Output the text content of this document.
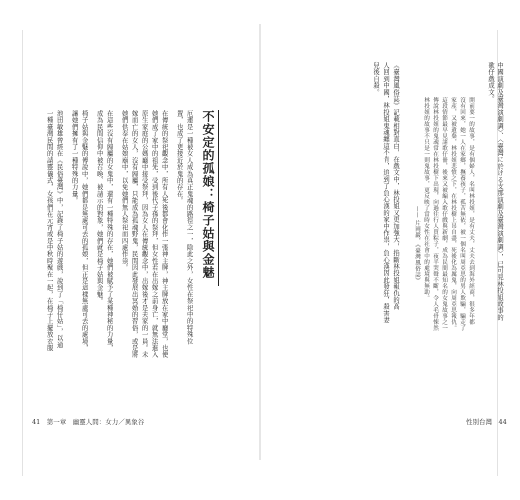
中國演劇及臺灣演劇調〉、〈臺灣に於ける支那演劇及臺灣演劇調〉，已可見林投姐故事的
歌仔戲成文。
開前要一的故事，是有個婦人，名叫林投姐，是有丈夫，丈夫去到海外經商，很多年都
沒有回來，她一人在家鄉，撫養孩子，孤苦無依，被一個名叫周亞思的男人欺騙，騙走了
家產，又被遺棄，林投姐悲憤之下，在林投樹上吊自盡，死後化為厲鬼，向周亞思報仇。
這段情節最早見諸歌仔冊，後來又被編入歌仔戲與新劇，成為民間最知名的女鬼故事之一
傳說林投姐的鬼魂常在林投樹下出現，向過往行人買粽子，夜半哭聲不斷，令人毛骨悚然
林投姐的故事不只是一則鬼故事，更反映了當時女性在社會中的處境與無助。
—— 片岡巖，《臺灣風俗誌》
《臺灣風俗誌》記載相對直白，在戲文中，林投姐又更加強大，掐斷林投姐報仇的高
人回到中國，林投姐鬼魂纏這不肯，追到了負心漢的家中作祟，負心漢因此發狂，殺害妻
兒後自殺。
性別台灣　44
不安定的孤娘：椅子姑與金魅
厄運是一種被女人成為真正鬼魂的路徑之一，除此之外，女性在祭祀中的特殊位
置，也成了更接近於鬼的存在。
在傳統的祭祀觀念中，所有人死後都會化作一張神主牌，神主牌放在家中廳堂，也使
她們成了家中的祖先，受到後代子孫的祭拜，但女性若在出嫁之前身亡，就無法進入
原生家庭的公媽廳中接受祭拜，因為女人在傳統觀念中，出嫁後才是夫家的一員。未
嫁而亡的女人，沒有歸屬，只能成為孤魂野鬼，民間因此發展出冥婚的習俗，或是將
她們供奉在姑娘廟中，以免她們無人祭祀而四處作祟。
在這些沒有歸屬的女鬼中，還有一種特殊的存在，她們被賦予了某種神秘的力量，
成為民間信仰中被召喚、被請示的對象，她們就是椅子姑與金魅。
椅子姑與金魅的傳說中，她們都是無處可去的孤娘，但正是這樣無處可去的處境，
讓她們擁有了一種特殊的力量。
池田敏雄曾經在《民俗臺灣》中，記錄了椅子姑的遊戲，說到了「椅仔姑」，以通
一種臺灣民間的請靈儀式，女孩們在元宵或是中秋時聚在一起，在椅子上擺放衣服
41　第一章　幽靈人間：女力／異象谷
